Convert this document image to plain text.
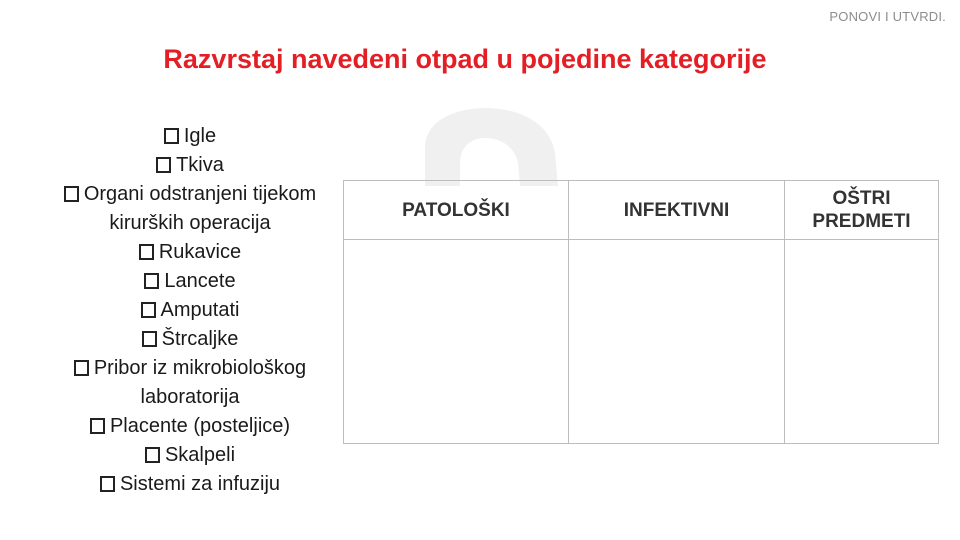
PONOVI I UTVRDI.
Razvrstaj navedeni otpad u pojedine kategorije
Igle
Tkiva
Organi odstranjeni tijekom
kirurških operacija
Rukavice
Lancete
Amputati
Štrcaljke
Pribor iz mikrobiološkog
laboratorija
Placente (posteljice)
Skalpeli
Sistemi za infuziju
PATOLOŠKI	INFEKTIVNI	OŠTRI
PREDMETI
